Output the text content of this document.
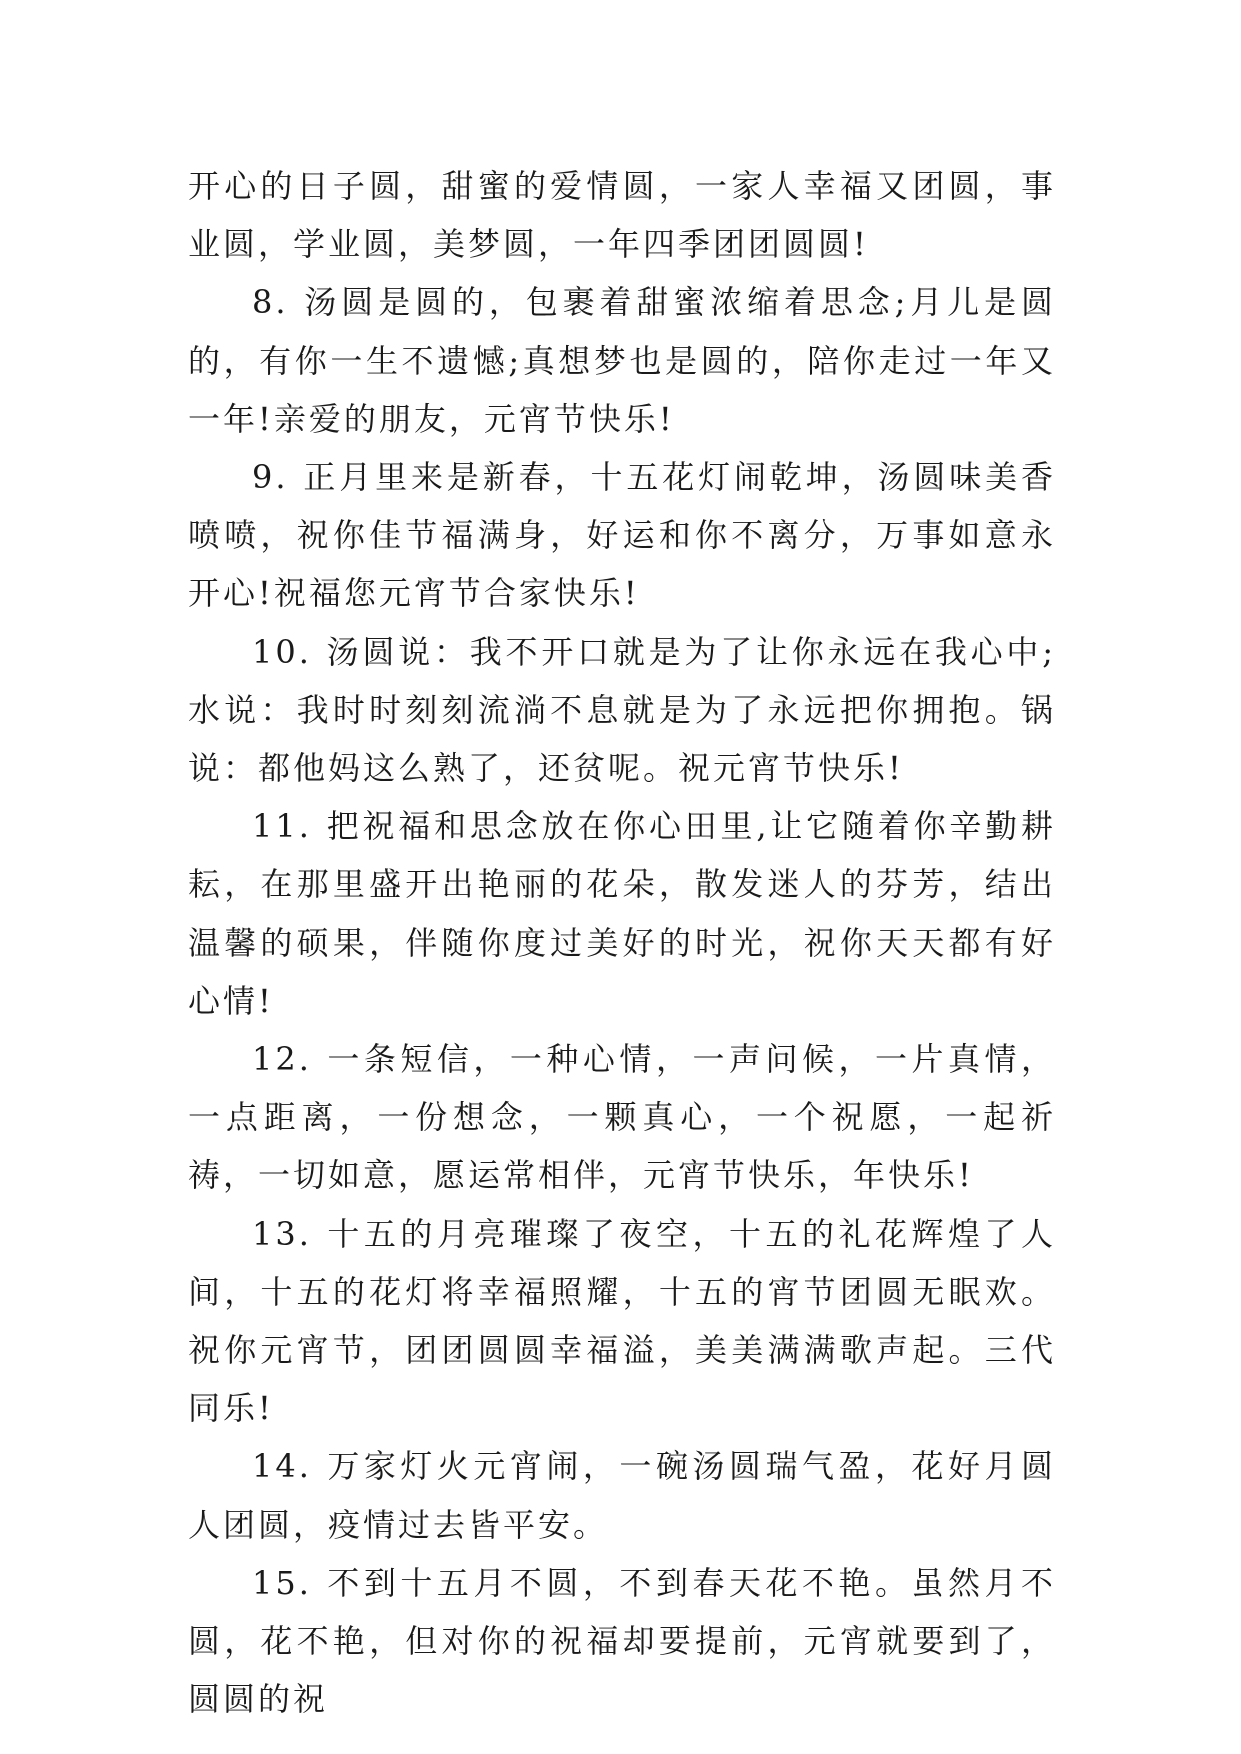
开心的日子圆，甜蜜的爱情圆，一家人幸福又团圆，事业圆，学业圆，美梦圆，一年四季团团圆圆!

8. 汤圆是圆的，包裹着甜蜜浓缩着思念;月儿是圆的，有你一生不遗憾;真想梦也是圆的，陪你走过一年又一年!亲爱的朋友，元宵节快乐!

9. 正月里来是新春，十五花灯闹乾坤，汤圆味美香喷喷，祝你佳节福满身，好运和你不离分，万事如意永开心!祝福您元宵节合家快乐!

10. 汤圆说：我不开口就是为了让你永远在我心中;水说：我时时刻刻流淌不息就是为了永远把你拥抱。锅说：都他妈这么熟了，还贫呢。祝元宵节快乐!

11. 把祝福和思念放在你心田里,让它随着你辛勤耕耘，在那里盛开出艳丽的花朵，散发迷人的芬芳，结出温馨的硕果，伴随你度过美好的时光，祝你天天都有好心情!

12. 一条短信，一种心情，一声问候，一片真情，一点距离，一份想念，一颗真心，一个祝愿，一起祈祷，一切如意，愿运常相伴，元宵节快乐，年快乐!

13. 十五的月亮璀璨了夜空，十五的礼花辉煌了人间，十五的花灯将幸福照耀，十五的宵节团圆无眠欢。祝你元宵节，团团圆圆幸福溢，美美满满歌声起。三代同乐!

14. 万家灯火元宵闹，一碗汤圆瑞气盈，花好月圆人团圆，疫情过去皆平安。

15. 不到十五月不圆，不到春天花不艳。虽然月不圆，花不艳，但对你的祝福却要提前，元宵就要到了，圆圆的祝
